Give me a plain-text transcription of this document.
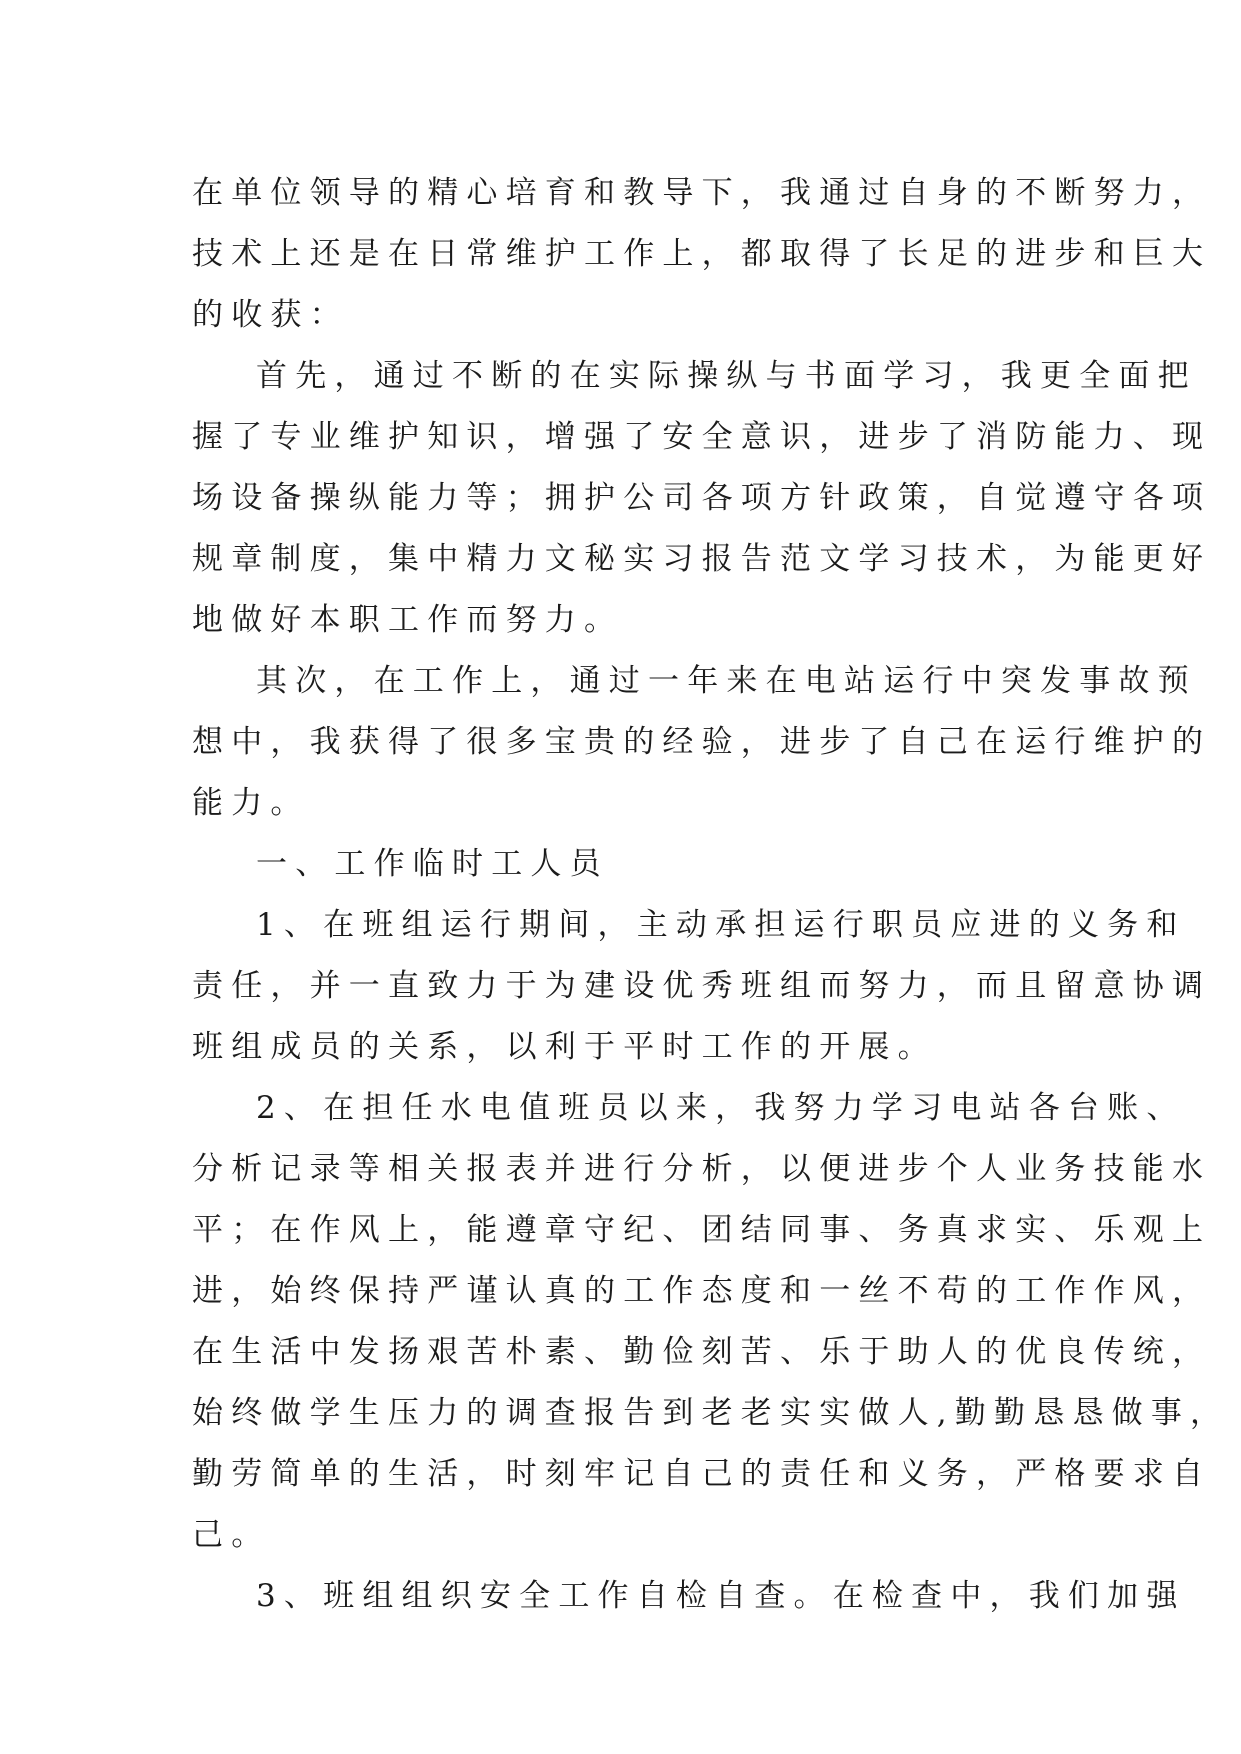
在单位领导的精心培育和教导下，我通过自身的不断努力，
技术上还是在日常维护工作上，都取得了长足的进步和巨大
的收获：
首先，通过不断的在实际操纵与书面学习，我更全面把
握了专业维护知识，增强了安全意识，进步了消防能力、现
场设备操纵能力等；拥护公司各项方针政策，自觉遵守各项
规章制度，集中精力文秘实习报告范文学习技术，为能更好
地做好本职工作而努力。
其次，在工作上，通过一年来在电站运行中突发事故预
想中，我获得了很多宝贵的经验，进步了自己在运行维护的
能力。
一、工作临时工人员
1、在班组运行期间，主动承担运行职员应进的义务和
责任，并一直致力于为建设优秀班组而努力，而且留意协调
班组成员的关系，以利于平时工作的开展。
2、在担任水电值班员以来，我努力学习电站各台账、
分析记录等相关报表并进行分析，以便进步个人业务技能水
平；在作风上，能遵章守纪、团结同事、务真求实、乐观上
进，始终保持严谨认真的工作态度和一丝不苟的工作作风，
在生活中发扬艰苦朴素、勤俭刻苦、乐于助人的优良传统，
始终做学生压力的调查报告到老老实实做人,勤勤恳恳做事，
勤劳简单的生活，时刻牢记自己的责任和义务，严格要求自
己。
3、班组组织安全工作自检自查。在检查中，我们加强
